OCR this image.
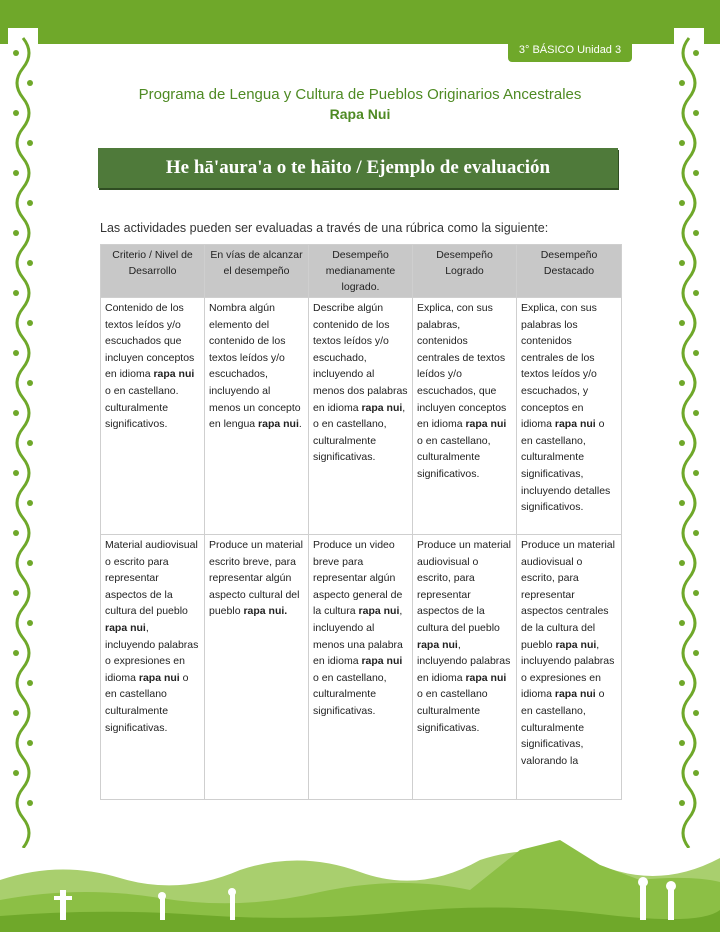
3° BÁSICO Unidad 3
Programa de Lengua y Cultura de Pueblos Originarios Ancestrales
Rapa Nui
He hā'aura'a o te hāito / Ejemplo de evaluación
Las actividades pueden ser evaluadas a través de una rúbrica como la siguiente:
Criterio / Nivel de Desarrollo	En vías de alcanzar el desempeño	Desempeño medianamente logrado.	Desempeño Logrado	Desempeño Destacado
Contenido de los textos leídos y/o escuchados que incluyen conceptos en idioma rapa nui o en castellano. culturalmente significativos.	Nombra algún elemento del contenido de los textos leídos y/o escuchados, incluyendo al menos un concepto en lengua rapa nui.	Describe algún contenido de los textos leídos y/o escuchado, incluyendo al menos dos palabras en idioma rapa nui, o en castellano, culturalmente significativas.	Explica, con sus palabras, contenidos centrales de textos leídos y/o escuchados, que incluyen conceptos en idioma rapa nui o en castellano, culturalmente significativos.	Explica, con sus palabras los contenidos centrales de los textos leídos y/o escuchados, y conceptos en idioma rapa nui o en castellano, culturalmente significativas, incluyendo detalles significativos.
Material audiovisual o escrito para representar aspectos de la cultura del pueblo rapa nui, incluyendo palabras o expresiones en idioma rapa nui o en castellano culturalmente significativas.	Produce un material escrito breve, para representar algún aspecto cultural del pueblo rapa nui.	Produce un video breve para representar algún aspecto general de la cultura rapa nui, incluyendo al menos una palabra en idioma rapa nui o en castellano, culturalmente significativas.	Produce un material audiovisual o escrito, para representar aspectos de la cultura del pueblo rapa nui, incluyendo palabras en idioma rapa nui o en castellano culturalmente significativas.	Produce un material audiovisual o escrito, para representar aspectos centrales de la cultura del pueblo rapa nui, incluyendo palabras o expresiones en idioma rapa nui o en castellano, culturalmente significativas, valorando la
